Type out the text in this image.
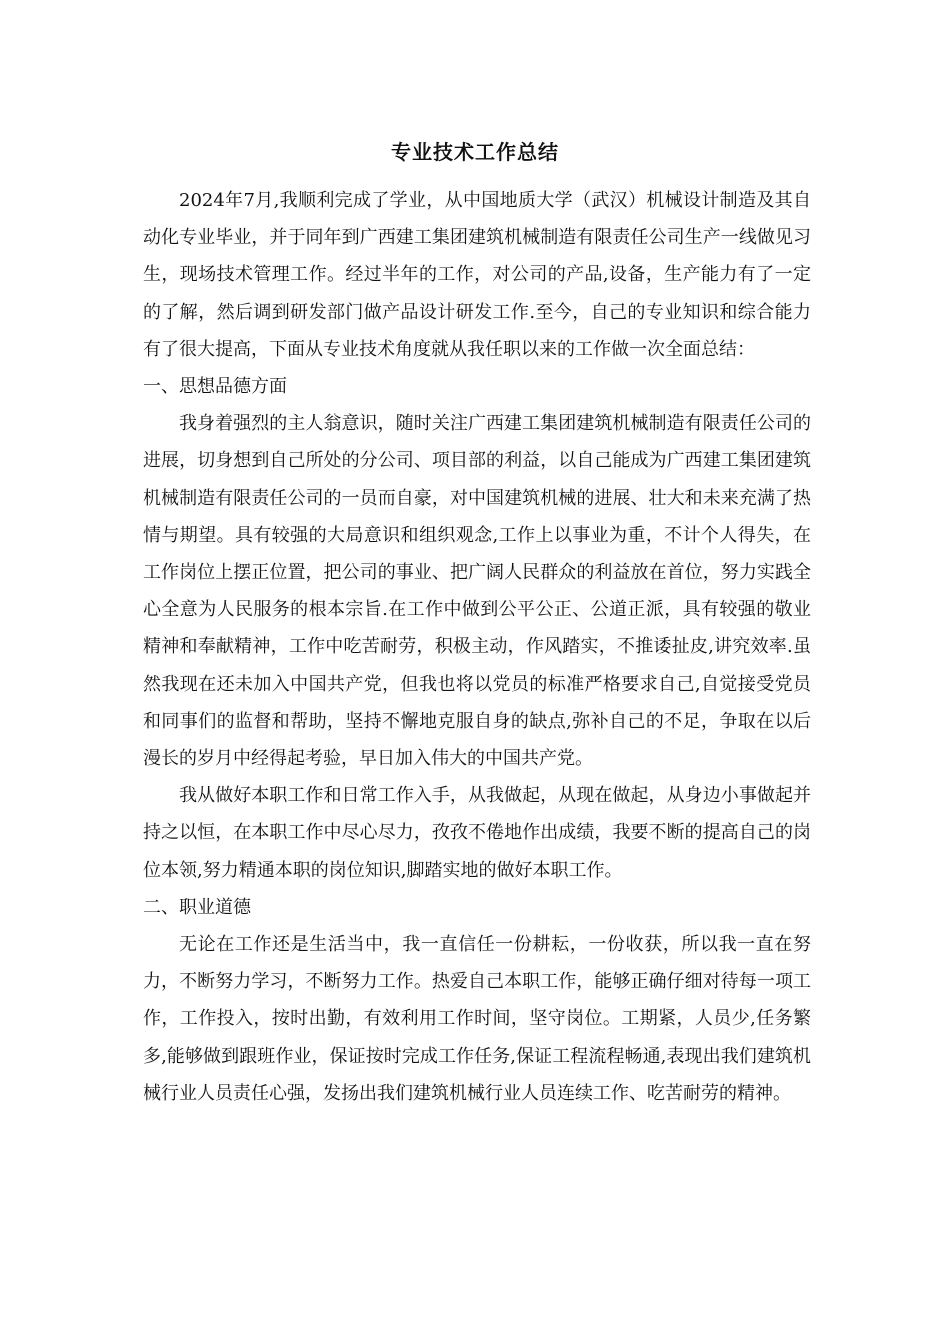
专业技术工作总结

2024年7月,我顺利完成了学业，从中国地质大学（武汉）机械设计制造及其自动化专业毕业，并于同年到广西建工集团建筑机械制造有限责任公司生产一线做见习生，现场技术管理工作。经过半年的工作，对公司的产品,设备，生产能力有了一定的了解，然后调到研发部门做产品设计研发工作.至今，自己的专业知识和综合能力有了很大提高，下面从专业技术角度就从我任职以来的工作做一次全面总结：

一、思想品德方面

我身着强烈的主人翁意识，随时关注广西建工集团建筑机械制造有限责任公司的进展，切身想到自己所处的分公司、项目部的利益，以自己能成为广西建工集团建筑机械制造有限责任公司的一员而自豪，对中国建筑机械的进展、壮大和未来充满了热情与期望。具有较强的大局意识和组织观念,工作上以事业为重，不计个人得失，在工作岗位上摆正位置，把公司的事业、把广阔人民群众的利益放在首位，努力实践全心全意为人民服务的根本宗旨.在工作中做到公平公正、公道正派，具有较强的敬业精神和奉献精神，工作中吃苦耐劳，积极主动，作风踏实，不推诿扯皮,讲究效率.虽然我现在还未加入中国共产党，但我也将以党员的标准严格要求自己,自觉接受党员和同事们的监督和帮助，坚持不懈地克服自身的缺点,弥补自己的不足，争取在以后漫长的岁月中经得起考验，早日加入伟大的中国共产党。

我从做好本职工作和日常工作入手，从我做起，从现在做起，从身边小事做起并持之以恒，在本职工作中尽心尽力，孜孜不倦地作出成绩，我要不断的提高自己的岗位本领,努力精通本职的岗位知识,脚踏实地的做好本职工作。

二、职业道德

无论在工作还是生活当中，我一直信任一份耕耘，一份收获，所以我一直在努力，不断努力学习，不断努力工作。热爱自己本职工作，能够正确仔细对待每一项工作，工作投入，按时出勤，有效利用工作时间，坚守岗位。工期紧，人员少,任务繁多,能够做到跟班作业，保证按时完成工作任务,保证工程流程畅通,表现出我们建筑机械行业人员责任心强，发扬出我们建筑机械行业人员连续工作、吃苦耐劳的精神。
